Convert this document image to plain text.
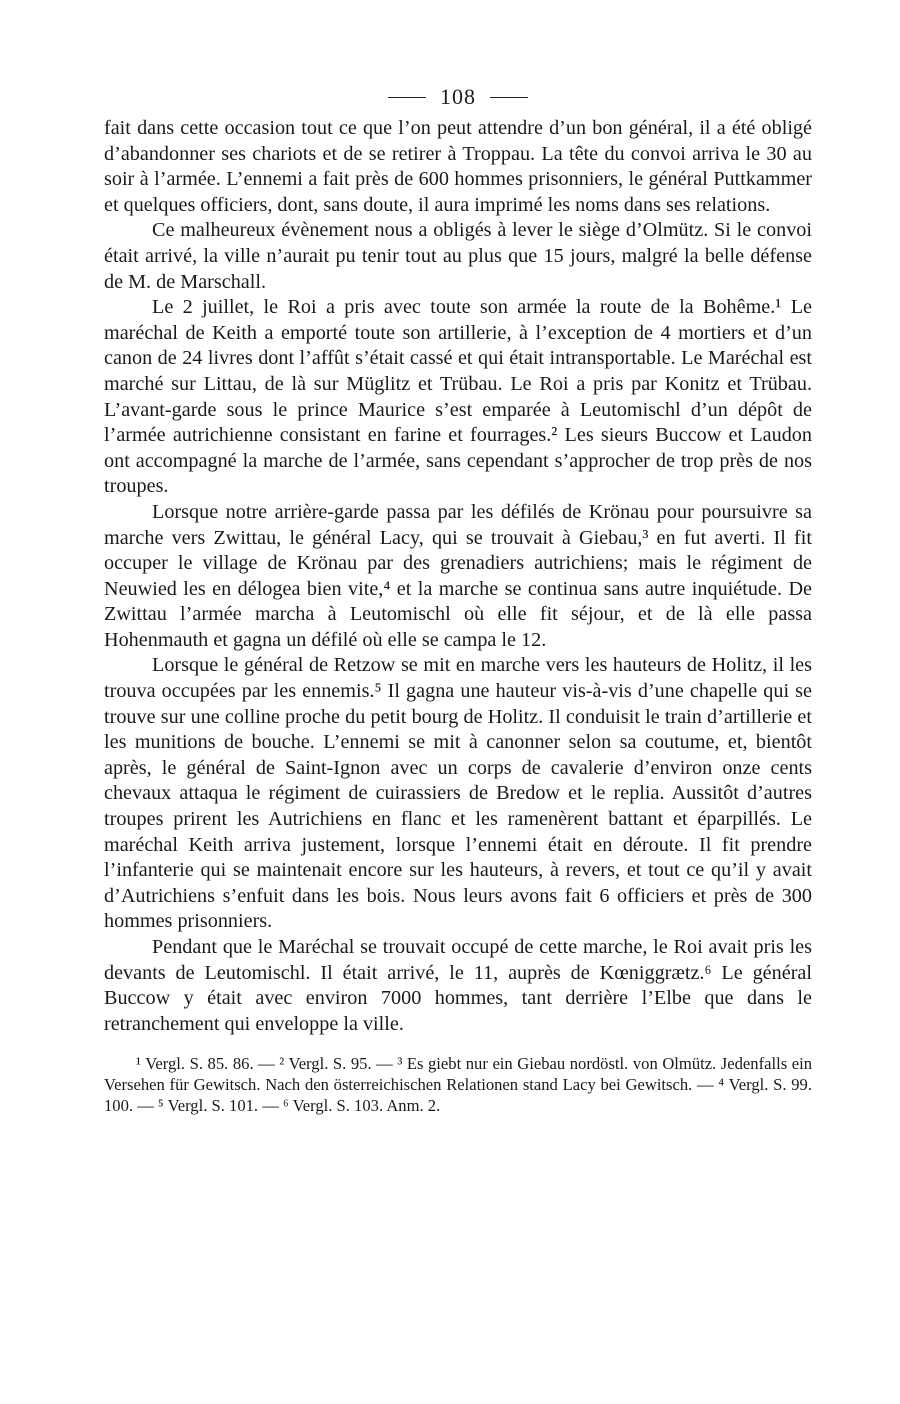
108

fait dans cette occasion tout ce que l’on peut attendre d’un bon général, il a été obligé d’abandonner ses chariots et de se retirer à Troppau. La tête du convoi arriva le 30 au soir à l’armée. L’ennemi a fait près de 600 hommes prisonniers, le général Puttkammer et quelques officiers, dont, sans doute, il aura imprimé les noms dans ses relations.

Ce malheureux évènement nous a obligés à lever le siège d’Olmütz. Si le convoi était arrivé, la ville n’aurait pu tenir tout au plus que 15 jours, malgré la belle défense de M. de Marschall.

Le 2 juillet, le Roi a pris avec toute son armée la route de la Bohême.¹ Le maréchal de Keith a emporté toute son artillerie, à l’exception de 4 mortiers et d’un canon de 24 livres dont l’affût s’était cassé et qui était intransportable. Le Maréchal est marché sur Littau, de là sur Müglitz et Trübau. Le Roi a pris par Konitz et Trübau. L’avant-garde sous le prince Maurice s’est emparée à Leutomischl d’un dépôt de l’armée autrichienne consistant en farine et fourrages.² Les sieurs Buccow et Laudon ont accompagné la marche de l’armée, sans cependant s’approcher de trop près de nos troupes.

Lorsque notre arrière-garde passa par les défilés de Krönau pour poursuivre sa marche vers Zwittau, le général Lacy, qui se trouvait à Giebau,³ en fut averti. Il fit occuper le village de Krönau par des grenadiers autrichiens; mais le régiment de Neuwied les en délogea bien vite,⁴ et la marche se continua sans autre inquiétude. De Zwittau l’armée marcha à Leutomischl où elle fit séjour, et de là elle passa Hohenmauth et gagna un défilé où elle se campa le 12.

Lorsque le général de Retzow se mit en marche vers les hauteurs de Holitz, il les trouva occupées par les ennemis.⁵ Il gagna une hauteur vis-à-vis d’une chapelle qui se trouve sur une colline proche du petit bourg de Holitz. Il conduisit le train d’artillerie et les munitions de bouche. L’ennemi se mit à canonner selon sa coutume, et, bientôt après, le général de Saint-Ignon avec un corps de cavalerie d’environ onze cents chevaux attaqua le régiment de cuirassiers de Bredow et le replia. Aussitôt d’autres troupes prirent les Autrichiens en flanc et les ramenèrent battant et éparpillés. Le maréchal Keith arriva justement, lorsque l’ennemi était en déroute. Il fit prendre l’infanterie qui se maintenait encore sur les hauteurs, à revers, et tout ce qu’il y avait d’Autrichiens s’enfuit dans les bois. Nous leurs avons fait 6 officiers et près de 300 hommes prisonniers.

Pendant que le Maréchal se trouvait occupé de cette marche, le Roi avait pris les devants de Leutomischl. Il était arrivé, le 11, auprès de Kœniggrætz.⁶ Le général Buccow y était avec environ 7000 hommes, tant derrière l’Elbe que dans le retranchement qui enveloppe la ville.

¹ Vergl. S. 85. 86. — ² Vergl. S. 95. — ³ Es giebt nur ein Giebau nordöstl. von Olmütz. Jedenfalls ein Versehen für Gewitsch. Nach den österreichischen Relationen stand Lacy bei Gewitsch. — ⁴ Vergl. S. 99. 100. — ⁵ Vergl. S. 101. — ⁶ Vergl. S. 103. Anm. 2.
